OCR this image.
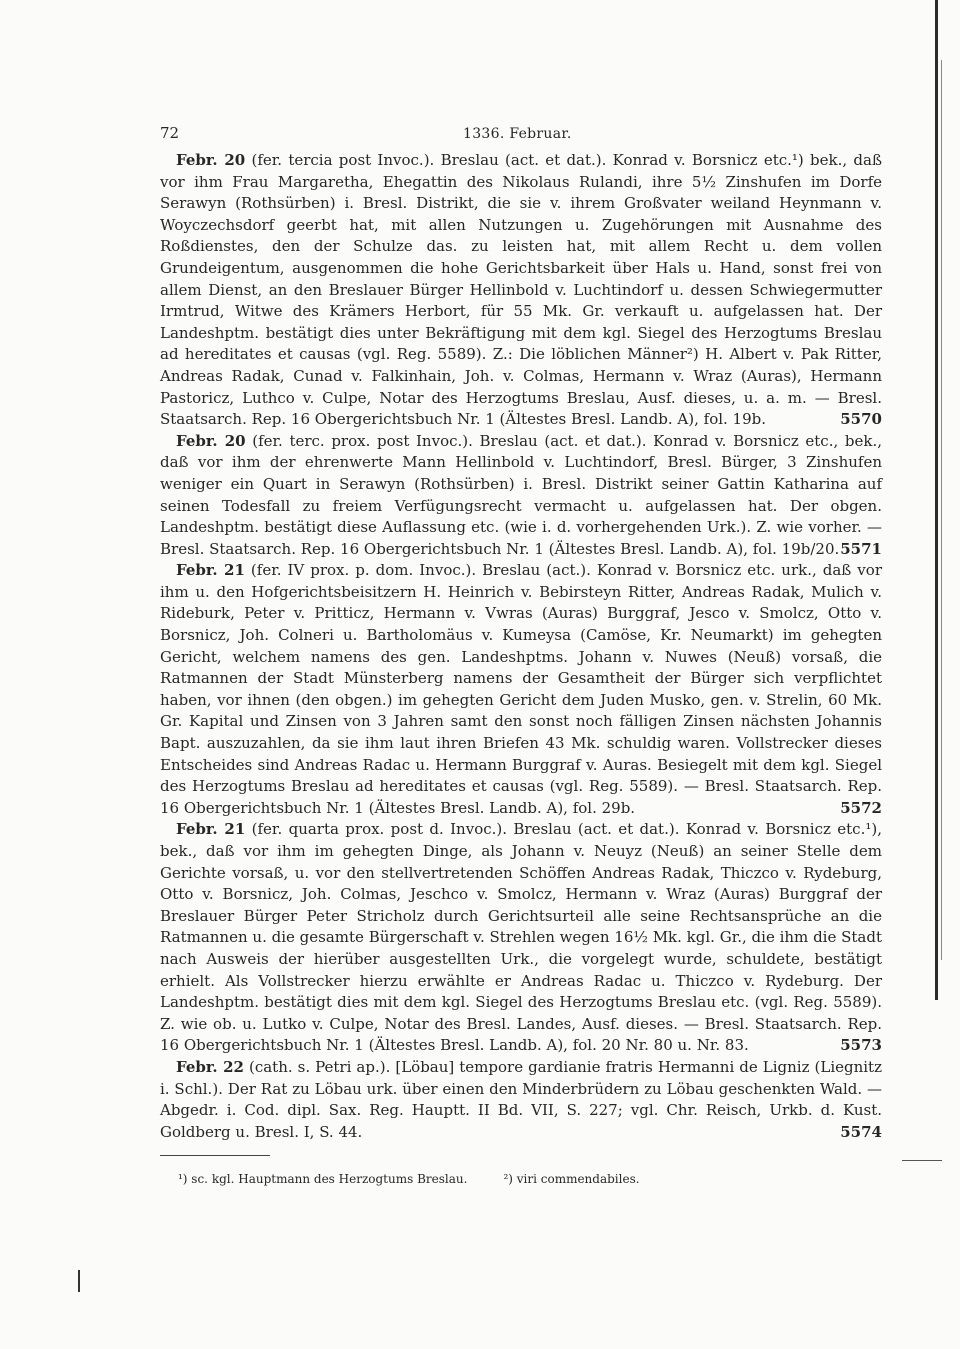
72	1336. Februar.

Febr. 20 (fer. tercia post Invoc.). Breslau (act. et dat.). Konrad v. Borsnicz etc.¹) bek., daß vor ihm Frau Margaretha, Ehegattin des Nikolaus Rulandi, ihre 5½ Zinshufen im Dorfe Serawyn (Rothsürben) i. Bresl. Distrikt, die sie v. ihrem Großvater weiland Heynmann v. Woyczechsdorf geerbt hat, mit allen Nutzungen u. Zugehörungen mit Ausnahme des Roßdienstes, den der Schulze das. zu leisten hat, mit allem Recht u. dem vollen Grundeigentum, ausgenommen die hohe Gerichtsbarkeit über Hals u. Hand, sonst frei von allem Dienst, an den Breslauer Bürger Hellinbold v. Luchtindorf u. dessen Schwiegermutter Irmtrud, Witwe des Krämers Herbort, für 55 Mk. Gr. verkauft u. aufgelassen hat. Der Landeshptm. bestätigt dies unter Bekräftigung mit dem kgl. Siegel des Herzogtums Breslau ad hereditates et causas (vgl. Reg. 5589). Z.: Die löblichen Männer²) H. Albert v. Pak Ritter, Andreas Radak, Cunad v. Falkinhain, Joh. v. Colmas, Hermann v. Wraz (Auras), Hermann Pastoricz, Luthco v. Culpe, Notar des Herzogtums Breslau, Ausf. dieses, u. a. m. — Bresl. Staatsarch. Rep. 16 Obergerichtsbuch Nr. 1 (Ältestes Bresl. Landb. A), fol. 19b.	5570

Febr. 20 (fer. terc. prox. post Invoc.). Breslau (act. et dat.). Konrad v. Borsnicz etc., bek., daß vor ihm der ehrenwerte Mann Hellinbold v. Luchtindorf, Bresl. Bürger, 3 Zinshufen weniger ein Quart in Serawyn (Rothsürben) i. Bresl. Distrikt seiner Gattin Katharina auf seinen Todesfall zu freiem Verfügungsrecht vermacht u. aufgelassen hat. Der obgen. Landeshptm. bestätigt diese Auflassung etc. (wie i. d. vorhergehenden Urk.). Z. wie vorher. — Bresl. Staatsarch. Rep. 16 Obergerichtsbuch Nr. 1 (Ältestes Bresl. Landb. A), fol. 19b/20. 5571

Febr. 21 (fer. IV prox. p. dom. Invoc.). Breslau (act.). Konrad v. Borsnicz etc. urk., daß vor ihm u. den Hofgerichtsbeisitzern H. Heinrich v. Bebirsteyn Ritter, Andreas Radak, Mulich v. Rideburk, Peter v. Pritticz, Hermann v. Vwras (Auras) Burggraf, Jesco v. Smolcz, Otto v. Borsnicz, Joh. Colneri u. Bartholomäus v. Kumeysa (Camöse, Kr. Neumarkt) im gehegten Gericht, welchem namens des gen. Landeshptms. Johann v. Nuwes (Neuß) vorsaß, die Ratmannen der Stadt Münsterberg namens der Gesamtheit der Bürger sich verpflichtet haben, vor ihnen (den obgen.) im gehegten Gericht dem Juden Musko, gen. v. Strelin, 60 Mk. Gr. Kapital und Zinsen von 3 Jahren samt den sonst noch fälligen Zinsen nächsten Johannis Bapt. auszuzahlen, da sie ihm laut ihren Briefen 43 Mk. schuldig waren. Vollstrecker dieses Entscheides sind Andreas Radac u. Hermann Burggraf v. Auras. Besiegelt mit dem kgl. Siegel des Herzogtums Breslau ad hereditates et causas (vgl. Reg. 5589). — Bresl. Staatsarch. Rep. 16 Obergerichtsbuch Nr. 1 (Ältestes Bresl. Landb. A), fol. 29b.	5572

Febr. 21 (fer. quarta prox. post d. Invoc.). Breslau (act. et dat.). Konrad v. Borsnicz etc.¹), bek., daß vor ihm im gehegten Dinge, als Johann v. Neuyz (Neuß) an seiner Stelle dem Gerichte vorsaß, u. vor den stellvertretenden Schöffen Andreas Radak, Thiczco v. Rydeburg, Otto v. Borsnicz, Joh. Colmas, Jeschco v. Smolcz, Hermann v. Wraz (Auras) Burggraf der Breslauer Bürger Peter Stricholz durch Gerichtsurteil alle seine Rechtsansprüche an die Ratmannen u. die gesamte Bürgerschaft v. Strehlen wegen 16½ Mk. kgl. Gr., die ihm die Stadt nach Ausweis der hierüber ausgestellten Urk., die vorgelegt wurde, schuldete, bestätigt erhielt. Als Vollstrecker hierzu erwählte er Andreas Radac u. Thiczco v. Rydeburg. Der Landeshptm. bestätigt dies mit dem kgl. Siegel des Herzogtums Breslau etc. (vgl. Reg. 5589). Z. wie ob. u. Lutko v. Culpe, Notar des Bresl. Landes, Ausf. dieses. — Bresl. Staatsarch. Rep. 16 Obergerichtsbuch Nr. 1 (Ältestes Bresl. Landb. A), fol. 20 Nr. 80 u. Nr. 83.	5573

Febr. 22 (cath. s. Petri ap.). [Löbau] tempore gardianie fratris Hermanni de Ligniz (Liegnitz i. Schl.). Der Rat zu Löbau urk. über einen den Minderbrüdern zu Löbau geschenkten Wald. — Abgedr. i. Cod. dipl. Sax. Reg. Hauptt. II Bd. VII, S. 227; vgl. Chr. Reisch, Urkb. d. Kust. Goldberg u. Bresl. I, S. 44.	5574

¹) sc. kgl. Hauptmann des Herzogtums Breslau.	²) viri commendabiles.
